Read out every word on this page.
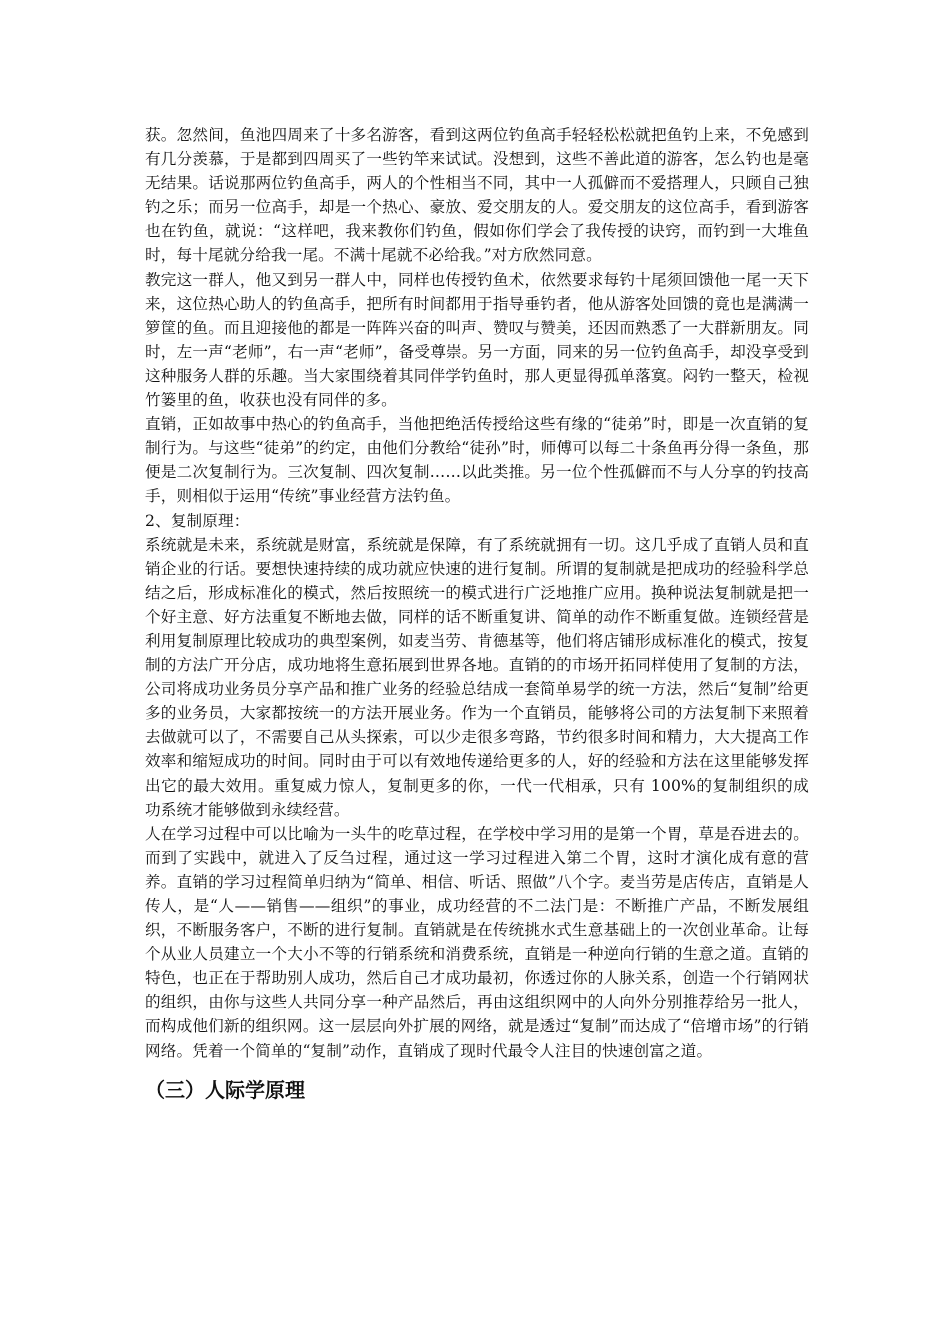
获。忽然间，鱼池四周来了十多名游客，看到这两位钓鱼高手轻轻松松就把鱼钓上来，不免感到有几分羡慕，于是都到四周买了一些钓竿来试试。没想到，这些不善此道的游客，怎么钓也是毫无结果。话说那两位钓鱼高手，两人的个性相当不同，其中一人孤僻而不爱搭理人，只顾自己独钓之乐；而另一位高手，却是一个热心、豪放、爱交朋友的人。爱交朋友的这位高手，看到游客也在钓鱼，就说：“这样吧，我来教你们钓鱼，假如你们学会了我传授的诀窍，而钓到一大堆鱼时，每十尾就分给我一尾。不满十尾就不必给我。”对方欣然同意。

教完这一群人，他又到另一群人中，同样也传授钓鱼术，依然要求每钓十尾须回馈他一尾一天下来，这位热心助人的钓鱼高手，把所有时间都用于指导垂钓者，他从游客处回馈的竟也是满满一箩筐的鱼。而且迎接他的都是一阵阵兴奋的叫声、赞叹与赞美，还因而熟悉了一大群新朋友。同时，左一声“老师”，右一声“老师”，备受尊崇。另一方面，同来的另一位钓鱼高手，却没享受到这种服务人群的乐趣。当大家围绕着其同伴学钓鱼时，那人更显得孤单落寞。闷钓一整天，检视竹篓里的鱼，收获也没有同伴的多。

直销，正如故事中热心的钓鱼高手，当他把绝活传授给这些有缘的“徒弟”时，即是一次直销的复制行为。与这些“徒弟”的约定，由他们分教给“徒孙”时，师傅可以每二十条鱼再分得一条鱼，那便是二次复制行为。三次复制、四次复制……以此类推。另一位个性孤僻而不与人分享的钓技高手，则相似于运用“传统”事业经营方法钓鱼。

2、复制原理：

系统就是未来，系统就是财富，系统就是保障，有了系统就拥有一切。这几乎成了直销人员和直销企业的行话。要想快速持续的成功就应快速的进行复制。所谓的复制就是把成功的经验科学总结之后，形成标准化的模式，然后按照统一的模式进行广泛地推广应用。换种说法复制就是把一个好主意、好方法重复不断地去做，同样的话不断重复讲、简单的动作不断重复做。连锁经营是利用复制原理比较成功的典型案例，如麦当劳、肯德基等，他们将店铺形成标准化的模式，按复制的方法广开分店，成功地将生意拓展到世界各地。直销的的市场开拓同样使用了复制的方法，公司将成功业务员分享产品和推广业务的经验总结成一套简单易学的统一方法，然后“复制”给更多的业务员，大家都按统一的方法开展业务。作为一个直销员，能够将公司的方法复制下来照着去做就可以了，不需要自己从头探索，可以少走很多弯路，节约很多时间和精力，大大提高工作效率和缩短成功的时间。同时由于可以有效地传递给更多的人，好的经验和方法在这里能够发挥出它的最大效用。重复威力惊人，复制更多的你，一代一代相承，只有 100%的复制组织的成功系统才能够做到永续经营。

人在学习过程中可以比喻为一头牛的吃草过程，在学校中学习用的是第一个胃，草是吞进去的。而到了实践中，就进入了反刍过程，通过这一学习过程进入第二个胃，这时才演化成有意的营养。直销的学习过程简单归纳为“简单、相信、听话、照做”八个字。麦当劳是店传店，直销是人传人，是“人——销售——组织”的事业，成功经营的不二法门是：不断推广产品，不断发展组织，不断服务客户，不断的进行复制。直销就是在传统挑水式生意基础上的一次创业革命。让每个从业人员建立一个大小不等的行销系统和消费系统，直销是一种逆向行销的生意之道。直销的特色，也正在于帮助别人成功，然后自己才成功最初，你透过你的人脉关系，创造一个行销网状的组织，由你与这些人共同分享一种产品然后，再由这组织网中的人向外分别推荐给另一批人，而构成他们新的组织网。这一层层向外扩展的网络，就是透过“复制”而达成了“倍增市场”的行销网络。凭着一个简单的“复制”动作，直销成了现时代最令人注目的快速创富之道。

（三）人际学原理
